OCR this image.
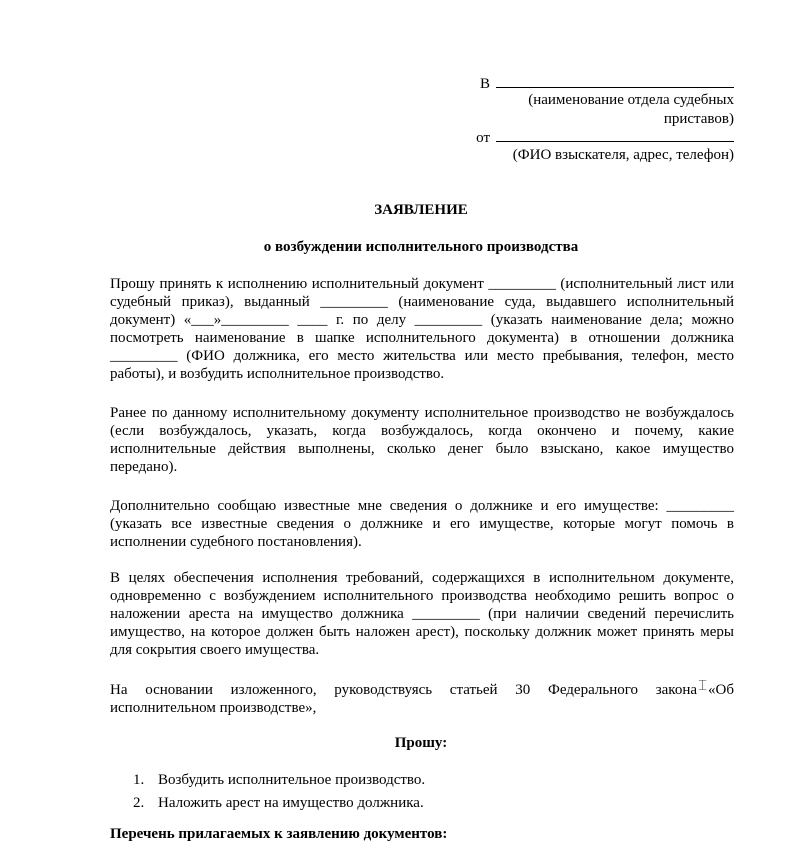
В
(наименование отдела судебных
приставов)
от
(ФИО взыскателя, адрес, телефон)
ЗАЯВЛЕНИЕ
о возбуждении исполнительного производства

Прошу принять к исполнению исполнительный документ _________ (исполнительный лист или судебный приказ), выданный _________ (наименование суда, выдавшего исполнительный документ) «___»_________ ____ г. по делу _________ (указать наименование дела; можно посмотреть наименование в шапке исполнительного документа) в отношении должника _________ (ФИО должника, его место жительства или место пребывания, телефон, место работы), и возбудить исполнительное производство.

Ранее по данному исполнительному документу исполнительное производство не возбуждалось (если возбуждалось, указать, когда возбуждалось, когда окончено и почему, какие исполнительные действия выполнены, сколько денег было взыскано, какое имущество передано).

Дополнительно сообщаю известные мне сведения о должнике и его имуществе: _________ (указать все известные сведения о должнике и его имуществе, которые могут помочь в исполнении судебного постановления).

В целях обеспечения исполнения требований, содержащихся в исполнительном документе, одновременно с возбуждением исполнительного производства необходимо решить вопрос о наложении ареста на имущество должника _________ (при наличии сведений перечислить имущество, на которое должен быть наложен арест), поскольку должник может принять меры для сокрытия своего имущества.

На основании изложенного, руководствуясь статьей 30 Федерального закона⌶«Об исполнительном производстве»,

Прошу:
1. Возбудить исполнительное производство.
2. Наложить арест на имущество должника.
Перечень прилагаемых к заявлению документов:
